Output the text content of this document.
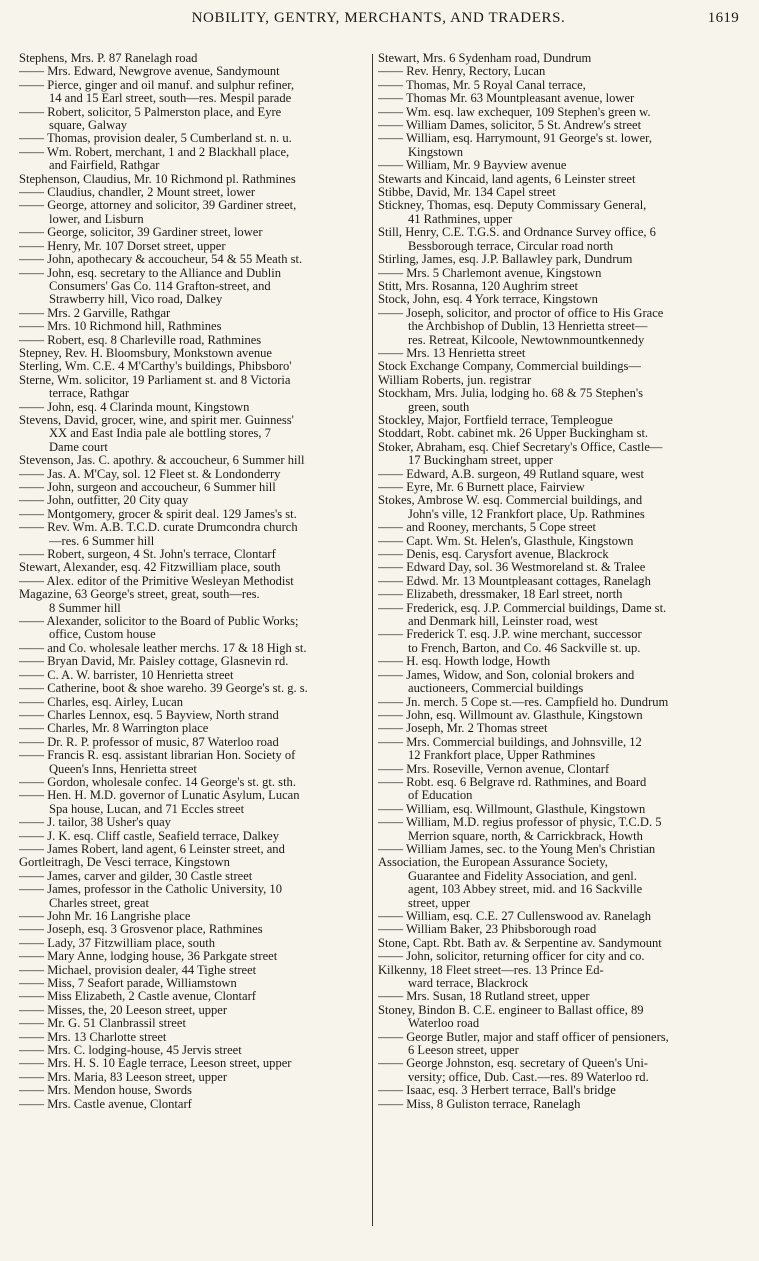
NOBILITY, GENTRY, MERCHANTS, AND TRADERS.	1619
Stephens, Mrs. P. 87 Ranelagh road
—— Mrs. Edward, Newgrove avenue, Sandymount
—— Pierce, ginger and oil manuf. and sulphur refiner,
14 and 15 Earl street, south—res. Mespil parade
—— Robert, solicitor, 5 Palmerston place, and Eyre
square, Galway
—— Thomas, provision dealer, 5 Cumberland st. n. u.
—— Wm. Robert, merchant, 1 and 2 Blackhall place,
and Fairfield, Rathgar
Stephenson, Claudius, Mr. 10 Richmond pl. Rathmines
—— Claudius, chandler, 2 Mount street, lower
—— George, attorney and solicitor, 39 Gardiner street,
lower, and Lisburn
—— George, solicitor, 39 Gardiner street, lower
—— Henry, Mr. 107 Dorset street, upper
—— John, apothecary & accoucheur, 54 & 55 Meath st.
—— John, esq. secretary to the Alliance and Dublin
Consumers' Gas Co. 114 Grafton-street, and
Strawberry hill, Vico road, Dalkey
—— Mrs. 2 Garville, Rathgar
—— Mrs. 10 Richmond hill, Rathmines
—— Robert, esq. 8 Charleville road, Rathmines
Stepney, Rev. H. Bloomsbury, Monkstown avenue
Sterling, Wm. C.E. 4 M'Carthy's buildings, Phibsboro'
Sterne, Wm. solicitor, 19 Parliament st. and 8 Victoria
terrace, Rathgar
—— John, esq. 4 Clarinda mount, Kingstown
Stevens, David, grocer, wine, and spirit mer. Guinness'
XX and East India pale ale bottling stores, 7
Dame court
Stevenson, Jas. C. apothry. & accoucheur, 6 Summer hill
—— Jas. A. M'Cay, sol. 12 Fleet st. & Londonderry
—— John, surgeon and accoucheur, 6 Summer hill
—— John, outfitter, 20 City quay
—— Montgomery, grocer & spirit deal. 129 James's st.
—— Rev. Wm. A.B. T.C.D. curate Drumcondra church
—res. 6 Summer hill
—— Robert, surgeon, 4 St. John's terrace, Clontarf
Stewart, Alexander, esq. 42 Fitzwilliam place, south
—— Alex. editor of the Primitive Wesleyan Methodist
Magazine, 63 George's street, great, south—res.
8 Summer hill
—— Alexander, solicitor to the Board of Public Works;
office, Custom house
—— and Co. wholesale leather merchs. 17 & 18 High st.
—— Bryan David, Mr. Paisley cottage, Glasnevin rd.
—— C. A. W. barrister, 10 Henrietta street
—— Catherine, boot & shoe wareho. 39 George's st. g. s.
—— Charles, esq. Airley, Lucan
—— Charles Lennox, esq. 5 Bayview, North strand
—— Charles, Mr. 8 Warrington place
—— Dr. R. P. professor of music, 87 Waterloo road
—— Francis R. esq. assistant librarian Hon. Society of
Queen's Inns, Henrietta street
—— Gordon, wholesale confec. 14 George's st. gt. sth.
—— Hen. H. M.D. governor of Lunatic Asylum, Lucan
Spa house, Lucan, and 71 Eccles street
—— J. tailor, 38 Usher's quay
—— J. K. esq. Cliff castle, Seafield terrace, Dalkey
—— James Robert, land agent, 6 Leinster street, and
Gortleitragh, De Vesci terrace, Kingstown
—— James, carver and gilder, 30 Castle street
—— James, professor in the Catholic University, 10
Charles street, great
—— John Mr. 16 Langrishe place
—— Joseph, esq. 3 Grosvenor place, Rathmines
—— Lady, 37 Fitzwilliam place, south
—— Mary Anne, lodging house, 36 Parkgate street
—— Michael, provision dealer, 44 Tighe street
—— Miss, 7 Seafort parade, Williamstown
—— Miss Elizabeth, 2 Castle avenue, Clontarf
—— Misses, the, 20 Leeson street, upper
—— Mr. G. 51 Clanbrassil street
—— Mrs. 13 Charlotte street
—— Mrs. C. lodging-house, 45 Jervis street
—— Mrs. H. S. 10 Eagle terrace, Leeson street, upper
—— Mrs. Maria, 83 Leeson street, upper
—— Mrs. Mendon house, Swords
—— Mrs. Castle avenue, Clontarf
Stewart, Mrs. 6 Sydenham road, Dundrum
—— Rev. Henry, Rectory, Lucan
—— Thomas, Mr. 5 Royal Canal terrace,
—— Thomas Mr. 63 Mountpleasant avenue, lower
—— Wm. esq. law exchequer, 109 Stephen's green w.
—— William Dames, solicitor, 5 St. Andrew's street
—— William, esq. Harrymount, 91 George's st. lower,
Kingstown
—— William, Mr. 9 Bayview avenue
Stewarts and Kincaid, land agents, 6 Leinster street
Stibbe, David, Mr. 134 Capel street
Stickney, Thomas, esq. Deputy Commissary General,
41 Rathmines, upper
Still, Henry, C.E. T.G.S. and Ordnance Survey office, 6
Bessborough terrace, Circular road north
Stirling, James, esq. J.P. Ballawley park, Dundrum
—— Mrs. 5 Charlemont avenue, Kingstown
Stitt, Mrs. Rosanna, 120 Aughrim street
Stock, John, esq. 4 York terrace, Kingstown
—— Joseph, solicitor, and proctor of office to His Grace
the Archbishop of Dublin, 13 Henrietta street—
res. Retreat, Kilcoole, Newtownmountkennedy
—— Mrs. 13 Henrietta street
Stock Exchange Company, Commercial buildings—
William Roberts, jun. registrar
Stockham, Mrs. Julia, lodging ho. 68 & 75 Stephen's
green, south
Stockley, Major, Fortfield terrace, Templeogue
Stoddart, Robt. cabinet mk. 26 Upper Buckingham st.
Stoker, Abraham, esq. Chief Secretary's Office, Castle—
17 Buckingham street, upper
—— Edward, A.B. surgeon, 49 Rutland square, west
—— Eyre, Mr. 6 Burnett place, Fairview
Stokes, Ambrose W. esq. Commercial buildings, and
John's ville, 12 Frankfort place, Up. Rathmines
—— and Rooney, merchants, 5 Cope street
—— Capt. Wm. St. Helen's, Glasthule, Kingstown
—— Denis, esq. Carysfort avenue, Blackrock
—— Edward Day, sol. 36 Westmoreland st. & Tralee
—— Edwd. Mr. 13 Mountpleasant cottages, Ranelagh
—— Elizabeth, dressmaker, 18 Earl street, north
—— Frederick, esq. J.P. Commercial buildings, Dame st.
and Denmark hill, Leinster road, west
—— Frederick T. esq. J.P. wine merchant, successor
to French, Barton, and Co. 46 Sackville st. up.
—— H. esq. Howth lodge, Howth
—— James, Widow, and Son, colonial brokers and
auctioneers, Commercial buildings
—— Jn. merch. 5 Cope st.—res. Campfield ho. Dundrum
—— John, esq. Willmount av. Glasthule, Kingstown
—— Joseph, Mr. 2 Thomas street
—— Mrs. Commercial buildings, and Johnsville, 12
12 Frankfort place, Upper Rathmines
—— Mrs. Roseville, Vernon avenue, Clontarf
—— Robt. esq. 6 Belgrave rd. Rathmines, and Board
of Education
—— William, esq. Willmount, Glasthule, Kingstown
—— William, M.D. regius professor of physic, T.C.D. 5
Merrion square, north, & Carrickbrack, Howth
—— William James, sec. to the Young Men's Christian
Association, the European Assurance Society,
Guarantee and Fidelity Association, and genl.
agent, 103 Abbey street, mid. and 16 Sackville
street, upper
—— William, esq. C.E. 27 Cullenswood av. Ranelagh
—— William Baker, 23 Phibsborough road
Stone, Capt. Rbt. Bath av. & Serpentine av. Sandymount
—— John, solicitor, returning officer for city and co.
Kilkenny, 18 Fleet street—res. 13 Prince Ed-
ward terrace, Blackrock
—— Mrs. Susan, 18 Rutland street, upper
Stoney, Bindon B. C.E. engineer to Ballast office, 89
Waterloo road
—— George Butler, major and staff officer of pensioners,
6 Leeson street, upper
—— George Johnston, esq. secretary of Queen's Uni-
versity; office, Dub. Cast.—res. 89 Waterloo rd.
—— Isaac, esq. 3 Herbert terrace, Ball's bridge
—— Miss, 8 Guliston terrace, Ranelagh
